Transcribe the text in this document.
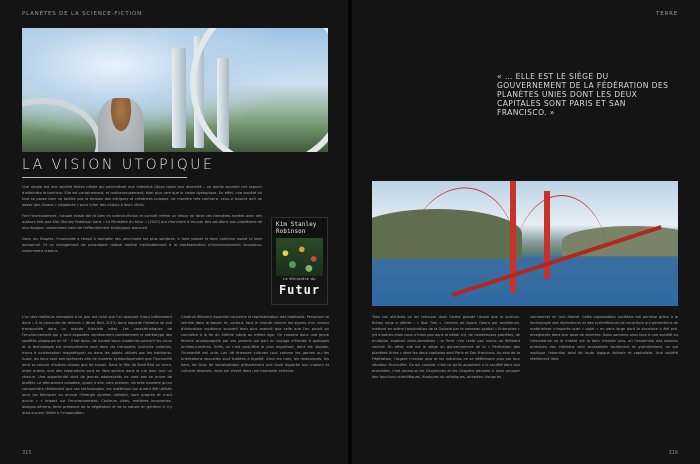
PLANÈTES DE LA SCIENCE-FICTION
LA VISION UTOPIQUE

Une utopie est une société fictive idéale qui permettrait aux individus (Dans toute leur diversité – on oublie souvent cet aspect) d'atteindre le bonheur. Elle est certainement, et malheureusement, bien plus rare que la vision dystopique. En effet, une société où tout se passe bien ne facilite pas la tension des intrigues et créatrices puisque, de manière très contraire, ceux-ci basent qu'il se passe des choses « négatives » pour créer des enjeux à leurs récits.

Fort heureusement, l'utopie existe bel et bien en science-fiction et connaît même un retour en force ces dernières années avec des auteurs tels que Kim Stanley Robinson dans « Le Ministère du futur » (2020) qui cherchent à trouver des solutions aux problèmes de leur époque, notamment celui de l'effondrement écologique annoncé.

Dans les Utopies, l'humanité a réussi à dompter ses penchants les plus sombres, à faire passer le bien commun avant le bien personnel. Et ce changement de paradigme radical amène inévitablement à la représentation d'environnements nouveaux, notamment urbains.

Kim Stanley Robinson
Le Ministère du
Futur

L'un des meilleurs exemples à ce jour est celui que l'on aperçoit (trop) brièvement dans « À la poursuite de demain » (Brad Bird, 2015) dans laquelle l'héroïne se voit transportée dans un monde futuriste idéal. Les caractéristiques de l'environnement qui y sont exposées représentent parfaitement le stéréotype des sociétés utopiques en SF : Il fait beau, de hautes tours modernes percent les cieux et la technologie est omniprésente sauf dans les transports (voitures volantes, trains à sustentation magnétique) ou dans les objets utilisés par les habitants. Aussi, les lieux sont omniprésents afin de montrer symboliquement que l'humanité peut se soucier d'autres choses que de travail. Dans le film de Brad Bird on verra, entre autres, que des séparations sont en libre service dans la rue pour tout un chacun. Une opportunité dont de jeunes adolescents ne vont pas se priver de profiter. Le dénuement cohabite, quant à elle, vers premier, de telle manière qu'on comprendra réellement que ses technologies, les matériaux qui auront été utilisés pour les fabriquer ou encore l'énergie qu'elles utilisent, sont propres et n'ont aucun « » impact sur l'environnement. Couleurs vives, matières innovantes, designs aériens, forte présence de la végétation et de la nature en général, il n'y aura aucune limite à l'imagination.

Cardinal élément essentiel concerne la représentation des habitants. Personne ne semble dans le besoin et, surtout, tout le monde montre les signes d'un niveau d'éducation supérieur souvent bien plus avancé que celle que l'on aurait pu connaître à la fin du XXème siècle au même âge. On croisera donc une jeune femme accompagnée par ses parents qui part en voyage d'études à quelques années-lumières. Enfin, et c'est peut-être le plus important, dans les utopies, l'humanité est unie. Les dé énemies cultures tout comme les genres ou les orientations sexuelles sont traitées à égalité. Ainsi les rues, les restaurants, les bars, les lieux de socialisations présenteront une foule bigarrée aux moeurs et cultures diverses, mais qui vivent dans une harmonie certaine.

315
TERRE
« … ELLE EST LE SIÈGE DU GOUVERNEMENT DE LA FÉDÉRATION DES PLANÈTES UNIES DONT LES DEUX CAPITALES SONT PARIS ET SAN FRANCISCO. »

Tous ces attributs on les retrouve dans l'autre grande Utopie que la science-fiction nous a offerte : « Star Trek ». Univers de Space Opera par excellence, mettant en scène l'exploration de la Galaxie par le vaisseau spatial « Enterprise » (et d'autres mais nous n'irons pas dans le détail ici), de nombreuses planètes, de multiples espèces extra-terrestres ; la Terre n'en reste pas moins un élément central. En effet, elle est le siège du gouvernement de la « Fédération des planètes Unies » dont les deux capitales sont Paris et San Francisco. Au sein de la Fédération, l'argent n'existe plus et les individus ne se définissent plus par leur situation financière. Ce qui compte, c'est ce qu'ils apportent à la société dans son ensemble, c'est pourquoi les Citoyennes et les Citoyens peuvent à loisir occuper des fonctions scientifiques, étatiques ou artistiques, ouvertes »longs ex.

commercer en tout liberté. Cette organisation sociétale est permise grâce à la technologie des réplicateurs et des synthétiseurs de nourriture qui permettent de matérialiser n'importe quel « objet » en sens large dont la structure a été pré-enregistrée dans leur base de données. Nous sommes ainsi face à une société où l'abondance va la misère est la faim n'existe plus, où l'ensemble des besoins primaires des individus sont accessibles facilement et gratuitement, ce qui explique l'abandon total de toute logique libérale et capitaliste. Une société réellement libre.

316
